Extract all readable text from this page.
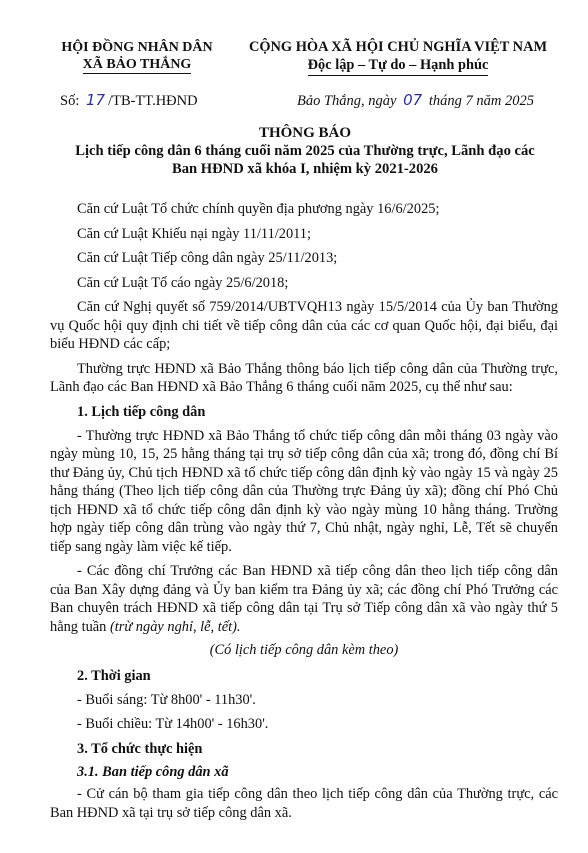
HỘI ĐỒNG NHÂN DÂN
XÃ BẢO THẮNG
CỘNG HÒA XÃ HỘI CHỦ NGHĨA VIỆT NAM
Độc lập – Tự do – Hạnh phúc
Số: 17 /TB-TT.HĐND	Bảo Thắng, ngày 07 tháng 7 năm 2025
THÔNG BÁO
Lịch tiếp công dân 6 tháng cuối năm 2025 của Thường trực, Lãnh đạo các
Ban HĐND xã khóa I, nhiệm kỳ 2021-2026

Căn cứ Luật Tổ chức chính quyền địa phương ngày 16/6/2025;

Căn cứ Luật Khiếu nại ngày 11/11/2011;

Căn cứ Luật Tiếp công dân ngày 25/11/2013;

Căn cứ Luật Tố cáo ngày 25/6/2018;

Căn cứ Nghị quyết số 759/2014/UBTVQH13 ngày 15/5/2014 của Ủy ban Thường vụ Quốc hội quy định chi tiết về tiếp công dân của các cơ quan Quốc hội, đại biểu, đại biểu HĐND các cấp;

Thường trực HĐND xã Bảo Thắng thông báo lịch tiếp công dân của Thường trực, Lãnh đạo các Ban HĐND xã Bảo Thắng 6 tháng cuối năm 2025, cụ thể như sau:

1. Lịch tiếp công dân

- Thường trực HĐND xã Bảo Thắng tổ chức tiếp công dân mỗi tháng 03 ngày vào ngày mùng 10, 15, 25 hằng tháng tại trụ sở tiếp công dân của xã; trong đó, đồng chí Bí thư Đảng ủy, Chủ tịch HĐND xã tổ chức tiếp công dân định kỳ vào ngày 15 và ngày 25 hằng tháng (Theo lịch tiếp công dân của Thường trực Đảng ủy xã); đồng chí Phó Chủ tịch HĐND xã tổ chức tiếp công dân định kỳ vào ngày mùng 10 hằng tháng. Trường hợp ngày tiếp công dân trùng vào ngày thứ 7, Chủ nhật, ngày nghỉ, Lễ, Tết sẽ chuyển tiếp sang ngày làm việc kế tiếp.

- Các đồng chí Trưởng các Ban HĐND xã tiếp công dân theo lịch tiếp công dân của Ban Xây dựng đảng và Ủy ban kiểm tra Đảng ủy xã; các đồng chí Phó Trưởng các Ban chuyên trách HĐND xã tiếp công dân tại Trụ sở Tiếp công dân xã vào ngày thứ 5 hằng tuần (trừ ngày nghỉ, lễ, tết).

(Có lịch tiếp công dân kèm theo)
2. Thời gian

- Buổi sáng: Từ 8h00' - 11h30'.

- Buổi chiều: Từ 14h00' - 16h30'.

3. Tổ chức thực hiện
3.1. Ban tiếp công dân xã

- Cử cán bộ tham gia tiếp công dân theo lịch tiếp công dân của Thường trực, các Ban HĐND xã tại trụ sở tiếp công dân xã.
